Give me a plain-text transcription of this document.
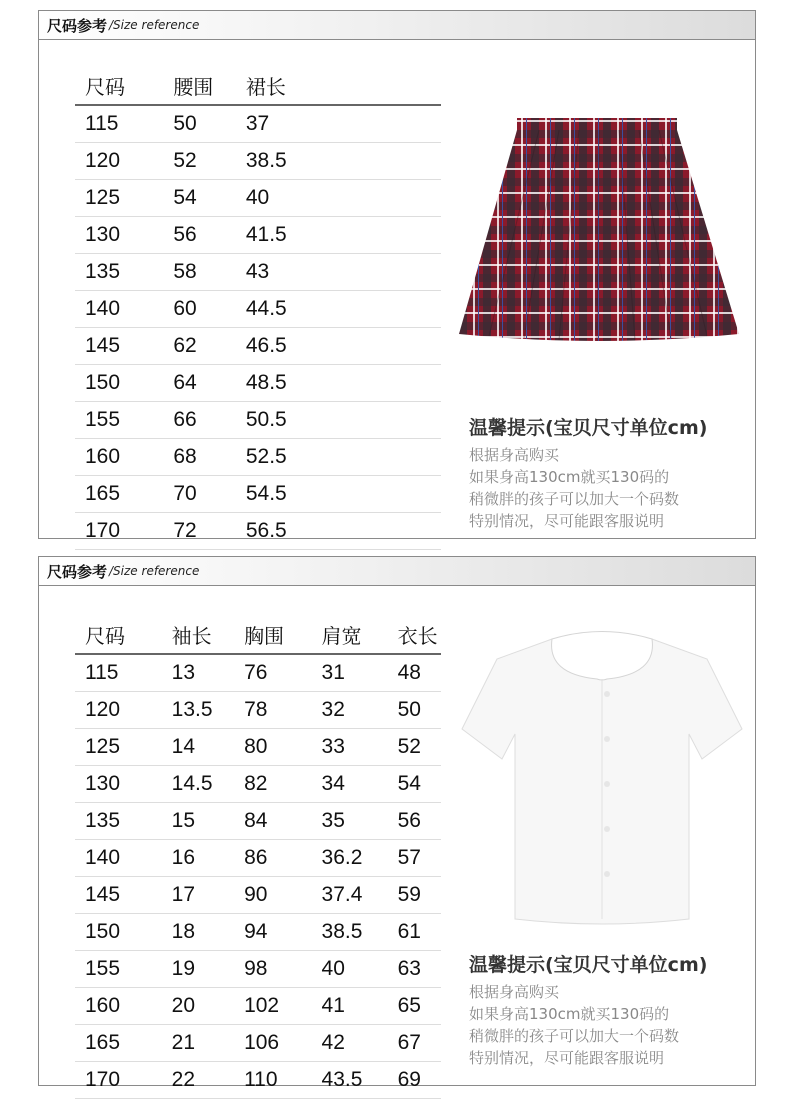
尺码参考 /Size reference
尺码	腰围	裙长
115	50	37
120	52	38.5
125	54	40
130	56	41.5
135	58	43
140	60	44.5
145	62	46.5
150	64	48.5
155	66	50.5
160	68	52.5
165	70	54.5
170	72	56.5
温馨提示(宝贝尺寸单位cm)
根据身高购买
如果身高130cm就买130码的
稍微胖的孩子可以加大一个码数
特别情况，尽可能跟客服说明
尺码参考 /Size reference
尺码	袖长	胸围	肩宽	衣长
115	13	76	31	48
120	13.5	78	32	50
125	14	80	33	52
130	14.5	82	34	54
135	15	84	35	56
140	16	86	36.2	57
145	17	90	37.4	59
150	18	94	38.5	61
155	19	98	40	63
160	20	102	41	65
165	21	106	42	67
170	22	110	43.5	69
温馨提示(宝贝尺寸单位cm)
根据身高购买
如果身高130cm就买130码的
稍微胖的孩子可以加大一个码数
特别情况，尽可能跟客服说明
